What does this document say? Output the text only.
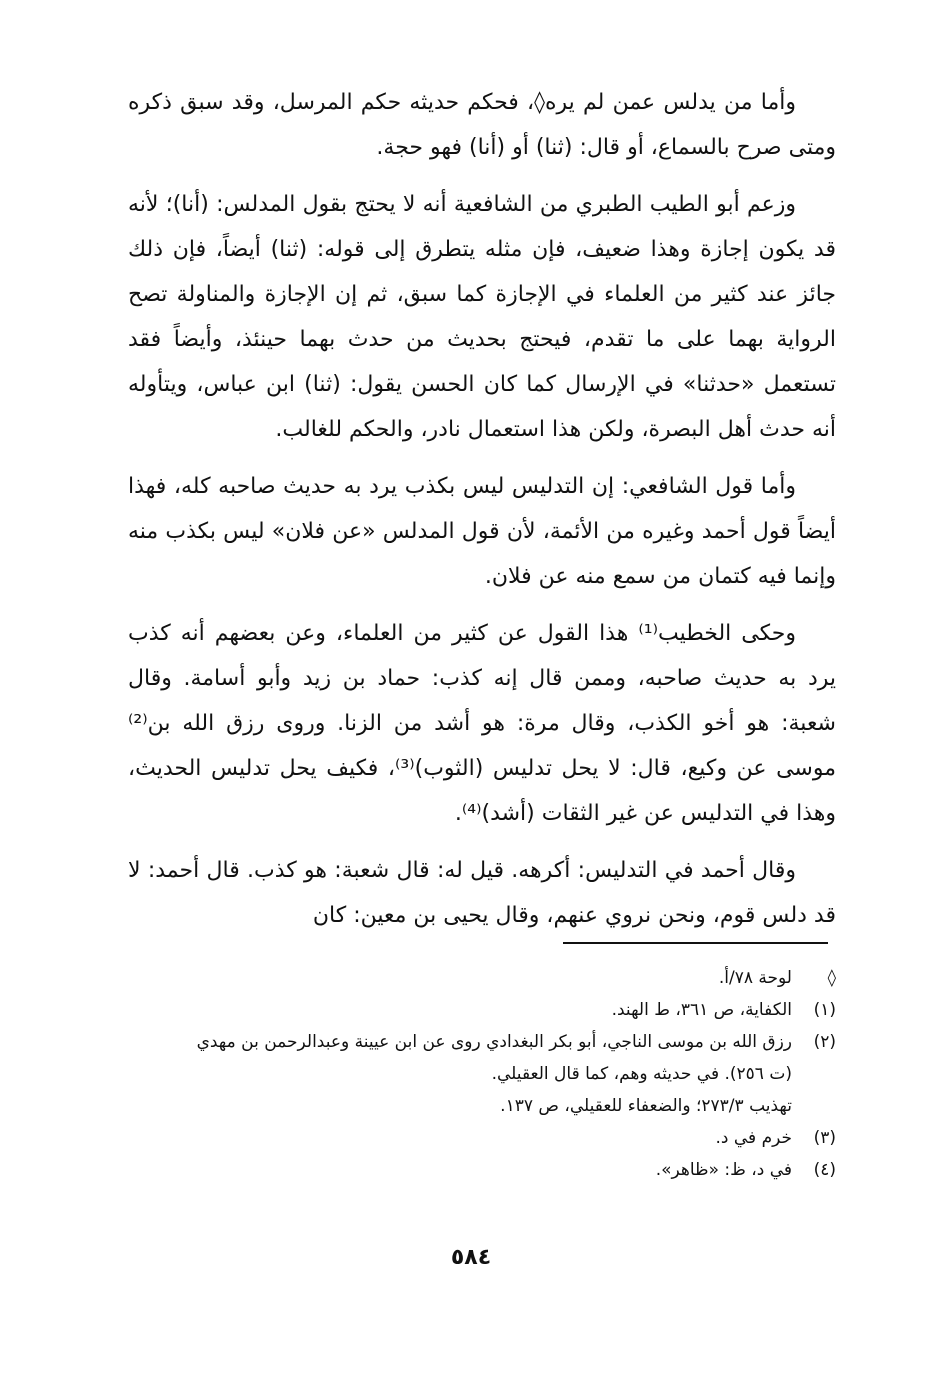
وأما من يدلس عمن لم يره◊، فحكم حديثه حكم المرسل، وقد سبق ذكره ومتى صرح بالسماع، أو قال: (ثنا) أو (أنا) فهو حجة.

وزعم أبو الطيب الطبري من الشافعية أنه لا يحتج بقول المدلس: (أنا)؛ لأنه قد يكون إجازة وهذا ضعيف، فإن مثله يتطرق إلى قوله: (ثنا) أيضاً، فإن ذلك جائز عند كثير من العلماء في الإجازة كما سبق، ثم إن الإجازة والمناولة تصح الرواية بهما على ما تقدم، فيحتج بحديث من حدث بهما حينئذ، وأيضاً فقد تستعمل «حدثنا» في الإرسال كما كان الحسن يقول: (ثنا) ابن عباس، ويتأوله أنه حدث أهل البصرة، ولكن هذا استعمال نادر، والحكم للغالب.

وأما قول الشافعي: إن التدليس ليس بكذب يرد به حديث صاحبه كله، فهذا أيضاً قول أحمد وغيره من الأئمة، لأن قول المدلس «عن فلان» ليس بكذب منه وإنما فيه كتمان من سمع منه عن فلان.

وحكى الخطيب⁽¹⁾ هذا القول عن كثير من العلماء، وعن بعضهم أنه كذب يرد به حديث صاحبه، وممن قال إنه كذب: حماد بن زيد وأبو أسامة. وقال شعبة: هو أخو الكذب، وقال مرة: هو أشد من الزنا. وروى رزق الله بن⁽²⁾ موسى عن وكيع، قال: لا يحل تدليس (الثوب)⁽³⁾، فكيف يحل تدليس الحديث، وهذا في التدليس عن غير الثقات (أشد)⁽⁴⁾.

وقال أحمد في التدليس: أكرهه. قيل له: قال شعبة: هو كذب. قال أحمد: لا قد دلس قوم، ونحن نروي عنهم، وقال يحيى بن معين: كان

◊
لوحة ٧٨/أ.
(١)
الكفاية، ص ٣٦١، ط الهند.
(٢)
رزق الله بن موسى الناجي، أبو بكر البغدادي روى عن ابن عيينة وعبدالرحمن بن مهدي
(ت ٢٥٦). في حديثه وهم، كما قال العقيلي.
تهذيب ٢٧٣/٣؛ والضعفاء للعقيلي، ص ١٣٧.
(٣)
خرم في د.
(٤)
في د، ظ: «ظاهر».
٥٨٤
